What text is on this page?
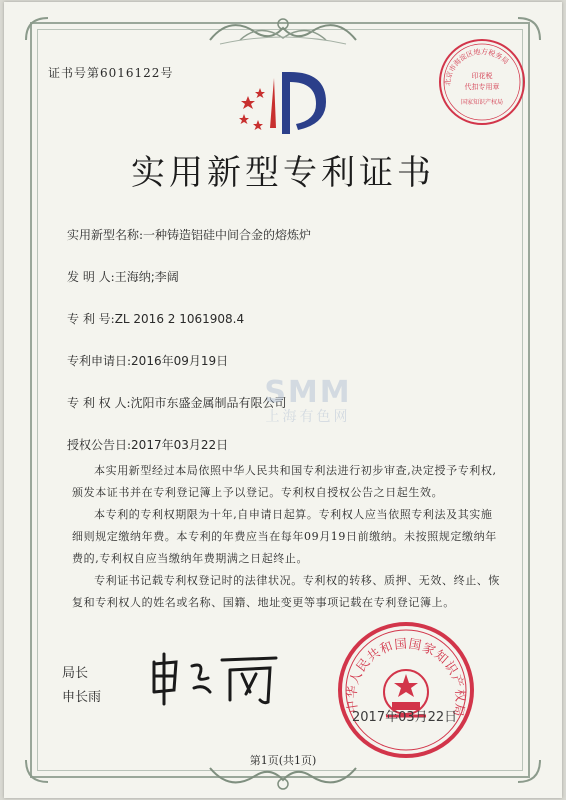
证书号第6016122号
北京市海淀区地方税务局
印花税
代扣专用章
国家知识产权局
实用新型专利证书
实用新型名称:一种铸造铝硅中间合金的熔炼炉
发 明 人:王海纳;李阔
专 利 号:ZL 2016 2 1061908.4
专利申请日:2016年09月19日
专 利 权 人:沈阳市东盛金属制品有限公司
授权公告日:2017年03月22日
SMM
上海有色网
本实用新型经过本局依照中华人民共和国专利法进行初步审查,决定授予专利权,颁发本证书并在专利登记簿上予以登记。专利权自授权公告之日起生效。
本专利的专利权期限为十年,自申请日起算。专利权人应当依照专利法及其实施细则规定缴纳年费。本专利的年费应当在每年09月19日前缴纳。未按照规定缴纳年费的,专利权自应当缴纳年费期满之日起终止。
专利证书记载专利权登记时的法律状况。专利权的转移、质押、无效、终止、恢复和专利权人的姓名或名称、国籍、地址变更等事项记载在专利登记簿上。
局长
申长雨
中华人民共和国国家知识产权局
2017年03月22日
第1页(共1页)
